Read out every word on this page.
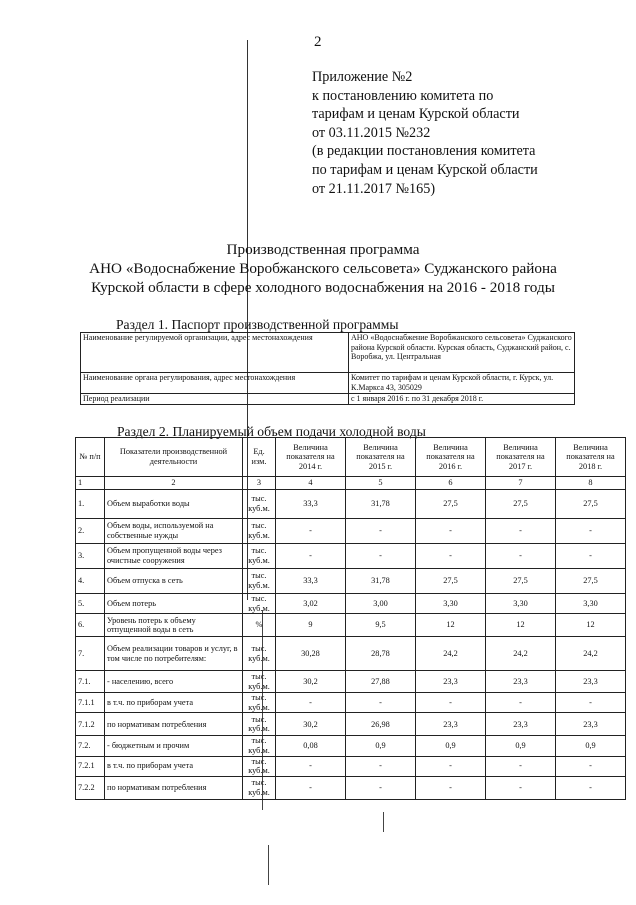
2
Приложение №2
к постановлению комитета по
тарифам и ценам Курской области
от 03.11.2015 №232
(в редакции постановления комитета
по тарифам и ценам Курской области
от 21.11.2017 №165)
Производственная программа
АНО «Водоснабжение Воробжанского сельсовета» Суджанского района
Курской области в сфере холодного водоснабжения на 2016 - 2018 годы
Раздел 1. Паспорт производственной программы
Наименование регулируемой организации, адрес местонахождения	АНО «Водоснабжение Воробжанского сельсовета» Суджанского района Курской области. Курская область, Суджанский район, с. Воробжа, ул. Центральная
Наименование органа регулирования, адрес местонахождения	Комитет по тарифам и ценам Курской области, г. Курск, ул. К.Маркса 43, 305029
Период реализации	с 1 января 2016 г. по 31 декабря 2018 г.
Раздел 2. Планируемый объем подачи холодной воды
№ п/п	Показатели производственной деятельности	Ед. изм.	Величина показателя на 2014 г.	Величина показателя на 2015 г.	Величина показателя на 2016 г.	Величина показателя на 2017 г.	Величина показателя на 2018 г.
1	2	3	4	5	6	7	8
1.	Объем выработки воды	тыс. куб.м.	33,3	31,78	27,5	27,5	27,5
2.	Объем воды, используемой на собственные нужды	тыс. куб.м.	-	-	-	-	-
3.	Объем пропущенной воды через очистные сооружения	тыс. куб.м.	-	-	-	-	-
4.	Объем отпуска в сеть	тыс. куб.м.	33,3	31,78	27,5	27,5	27,5
5.	Объем потерь	тыс. куб.м.	3,02	3,00	3,30	3,30	3,30
6.	Уровень потерь к объему отпущенной воды в сеть	%	9	9,5	12	12	12
7.	Объем реализации товаров и услуг, в том числе по потребителям:	тыс. куб.м.	30,28	28,78	24,2	24,2	24,2
7.1.	- населению, всего	тыс. куб.м.	30,2	27,88	23,3	23,3	23,3
7.1.1	в т.ч. по приборам учета	тыс. куб.м.	-	-	-	-	-
7.1.2	по нормативам потребления	тыс. куб.м.	30,2	26,98	23,3	23,3	23,3
7.2.	- бюджетным и прочим	тыс. куб.м.	0,08	0,9	0,9	0,9	0,9
7.2.1	в т.ч. по приборам учета	тыс. куб.м.	-	-	-	-	-
7.2.2	по нормативам потребления	тыс. куб.м.	-	-	-	-	-
